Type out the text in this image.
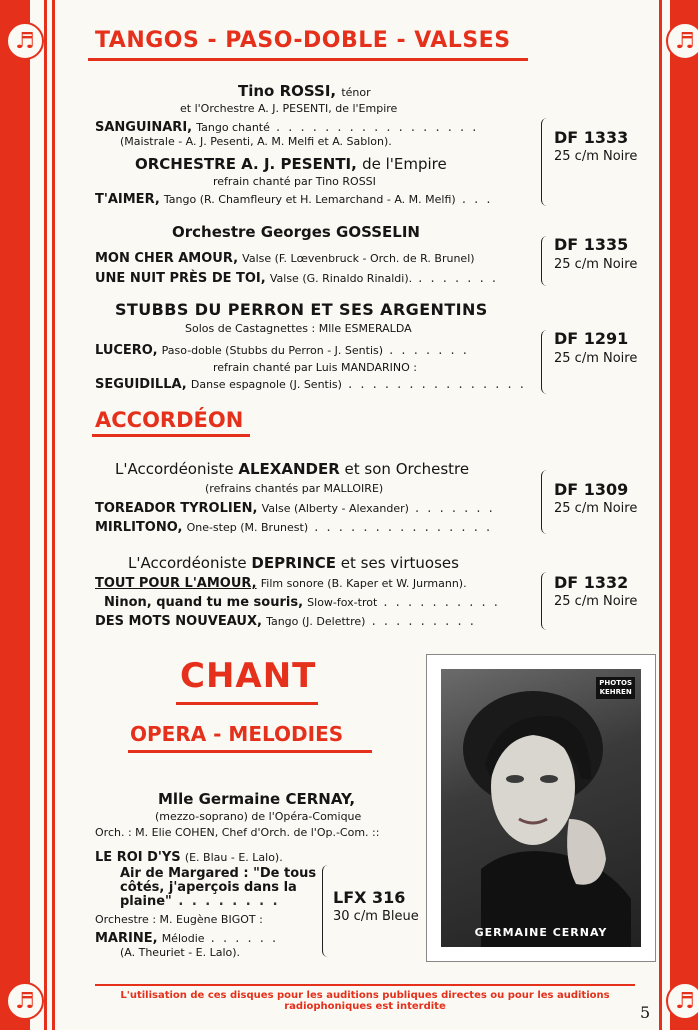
♬
♬
♬
♬
TANGOS - PASO-DOBLE - VALSES
Tino ROSSI, ténor
et l'Orchestre A. J. PESENTI, de l'Empire
SANGUINARI, Tango chanté . . . . . . . . . . . . . . . . .
(Maistrale - A. J. Pesenti, A. M. Melfi et A. Sablon).
ORCHESTRE A. J. PESENTI, de l'Empire
refrain chanté par Tino ROSSI
T'AIMER, Tango (R. Chamfleury et H. Lemarchand - A. M. Melfi) . . .
DF 1333
25 c/m Noire
Orchestre Georges GOSSELIN
MON CHER AMOUR, Valse (F. Lœvenbruck - Orch. de R. Brunel)
UNE NUIT PRÈS DE TOI, Valse (G. Rinaldo Rinaldi). . . . . . . .
DF 1335
25 c/m Noire
STUBBS DU PERRON ET SES ARGENTINS
Solos de Castagnettes : Mlle ESMERALDA
LUCERO, Paso-doble (Stubbs du Perron - J. Sentis) . . . . . . .
refrain chanté par Luis MANDARINO :
SEGUIDILLA, Danse espagnole (J. Sentis) . . . . . . . . . . . . . . .
DF 1291
25 c/m Noire
ACCORDÉON
L'Accordéoniste ALEXANDER et son Orchestre
(refrains chantés par MALLOIRE)
TOREADOR TYROLIEN, Valse (Alberty - Alexander) . . . . . . .
MIRLITONO, One-step (M. Brunest) . . . . . . . . . . . . . . .
DF 1309
25 c/m Noire
L'Accordéoniste DEPRINCE et ses virtuoses
TOUT POUR L'AMOUR, Film sonore (B. Kaper et W. Jurmann).
Ninon, quand tu me souris, Slow-fox-trot . . . . . . . . . .
DES MOTS NOUVEAUX, Tango (J. Delettre) . . . . . . . . .
DF 1332
25 c/m Noire
CHANT
OPERA - MELODIES
Mlle Germaine CERNAY,
(mezzo-soprano) de l'Opéra-Comique
Orch. : M. Elie COHEN, Chef d'Orch. de l'Op.-Com. ::
LE ROI D'YS (E. Blau - E. Lalo).
Air de Margared : "De tous
côtés, j'aperçois dans la
plaine" . . . . . . . .
Orchestre : M. Eugène BIGOT :
MARINE, Mélodie . . . . . .
(A. Theuriet - E. Lalo).
LFX 316
30 c/m Bleue
PHOTOS
KEHREN
GERMAINE CERNAY
L'utilisation de ces disques pour les auditions publiques directes ou pour les auditions radiophoniques est interdite	5
